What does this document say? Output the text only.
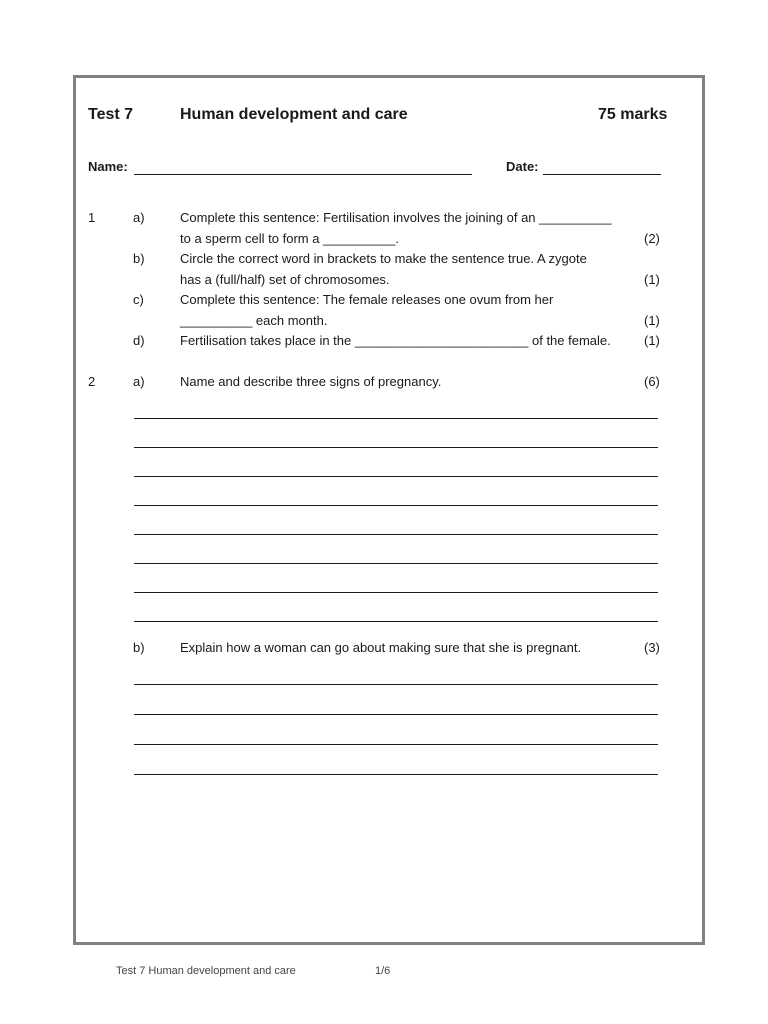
Test 7	Human development and care	75 marks
Name:	Date:
1	a)	Complete this sentence: Fertilisation involves the joining of an __________
to a sperm cell to form a __________.	(2)
b)	Circle the correct word in brackets to make the sentence true. A zygote
has a (full/half) set of chromosomes.	(1)
c)	Complete this sentence: The female releases one ovum from her
__________ each month.	(1)
d)	Fertilisation takes place in the ________________________ of the female.	(1)
2	a)	Name and describe three signs of pregnancy.	(6)
b)	Explain how a woman can go about making sure that she is pregnant.	(3)
Test 7 Human development and care	1/6
